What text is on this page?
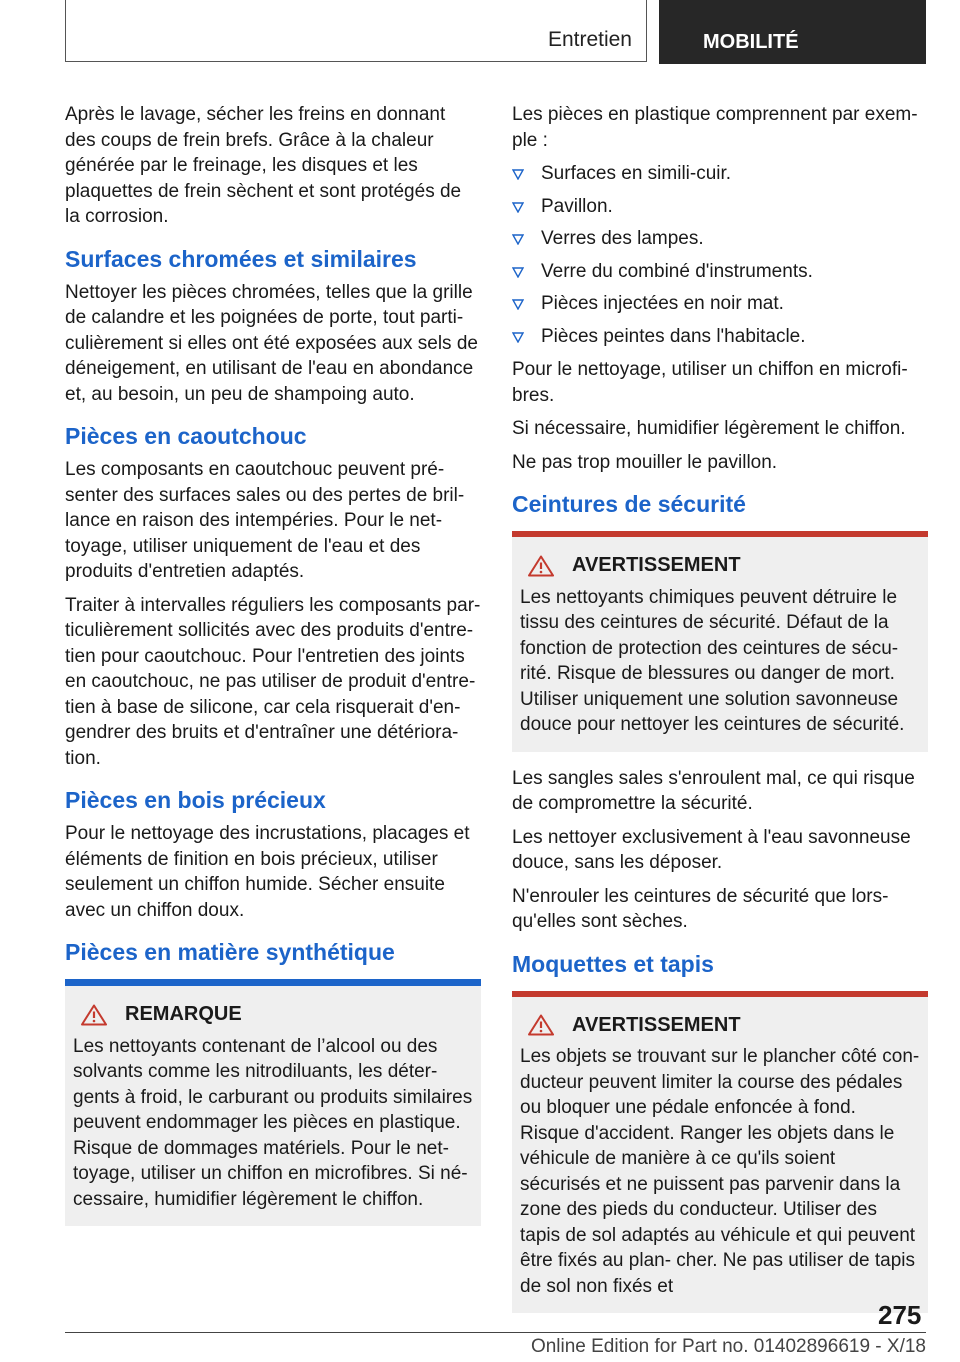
Entretien	MOBILITÉ

Après le lavage, sécher les freins en donnant des coups de frein brefs. Grâce à la chaleur générée par le freinage, les disques et les plaquettes de frein sèchent et sont protégés de la corrosion.

Surfaces chromées et similaires

Nettoyer les pièces chromées, telles que la grille de calandre et les poignées de porte, tout parti‐ culièrement si elles ont été exposées aux sels de déneigement, en utilisant de l'eau en abondance et, au besoin, un peu de shampoing auto.

Pièces en caoutchouc

Les composants en caoutchouc peuvent pré‐ senter des surfaces sales ou des pertes de bril‐ lance en raison des intempéries. Pour le net‐ toyage, utiliser uniquement de l'eau et des produits d'entretien adaptés.

Traiter à intervalles réguliers les composants par‐ ticulièrement sollicités avec des produits d'entre‐ tien pour caoutchouc. Pour l'entretien des joints en caoutchouc, ne pas utiliser de produit d'entre‐ tien à base de silicone, car cela risquerait d'en‐ gendrer des bruits et d'entraîner une détériora‐ tion.

Pièces en bois précieux

Pour le nettoyage des incrustations, placages et éléments de finition en bois précieux, utiliser seulement un chiffon humide. Sécher ensuite avec un chiffon doux.

Pièces en matière synthétique
REMARQUE
Les nettoyants contenant de l’alcool ou des solvants comme les nitrodiluants, les déter‐ gents à froid, le carburant ou produits similaires peuvent endommager les pièces en plastique. Risque de dommages matériels. Pour le net‐ toyage, utiliser un chiffon en microfibres. Si né‐ cessaire, humidifier légèrement le chiffon.

Les pièces en plastique comprennent par exem‐ ple :

Surfaces en simili-cuir.
Pavillon.
Verres des lampes.
Verre du combiné d'instruments.
Pièces injectées en noir mat.
Pièces peintes dans l'habitacle.

Pour le nettoyage, utiliser un chiffon en microfi‐ bres.

Si nécessaire, humidifier légèrement le chiffon.

Ne pas trop mouiller le pavillon.

Ceintures de sécurité
AVERTISSEMENT
Les nettoyants chimiques peuvent détruire le tissu des ceintures de sécurité. Défaut de la fonction de protection des ceintures de sécu‐ rité. Risque de blessures ou danger de mort. Utiliser uniquement une solution savonneuse douce pour nettoyer les ceintures de sécurité.

Les sangles sales s'enroulent mal, ce qui risque de compromettre la sécurité.

Les nettoyer exclusivement à l'eau savonneuse douce, sans les déposer.

N'enrouler les ceintures de sécurité que lors‐ qu'elles sont sèches.

Moquettes et tapis
AVERTISSEMENT
Les objets se trouvant sur le plancher côté con‐ ducteur peuvent limiter la course des pédales ou bloquer une pédale enfoncée à fond. Risque d'accident. Ranger les objets dans le véhicule de manière à ce qu'ils soient sécurisés et ne puissent pas parvenir dans la zone des pieds du conducteur. Utiliser des tapis de sol adaptés au véhicule et qui peuvent être fixés au plan‐ cher. Ne pas utiliser de tapis de sol non fixés et
275
Online Edition for Part no. 01402896619 - X/18
